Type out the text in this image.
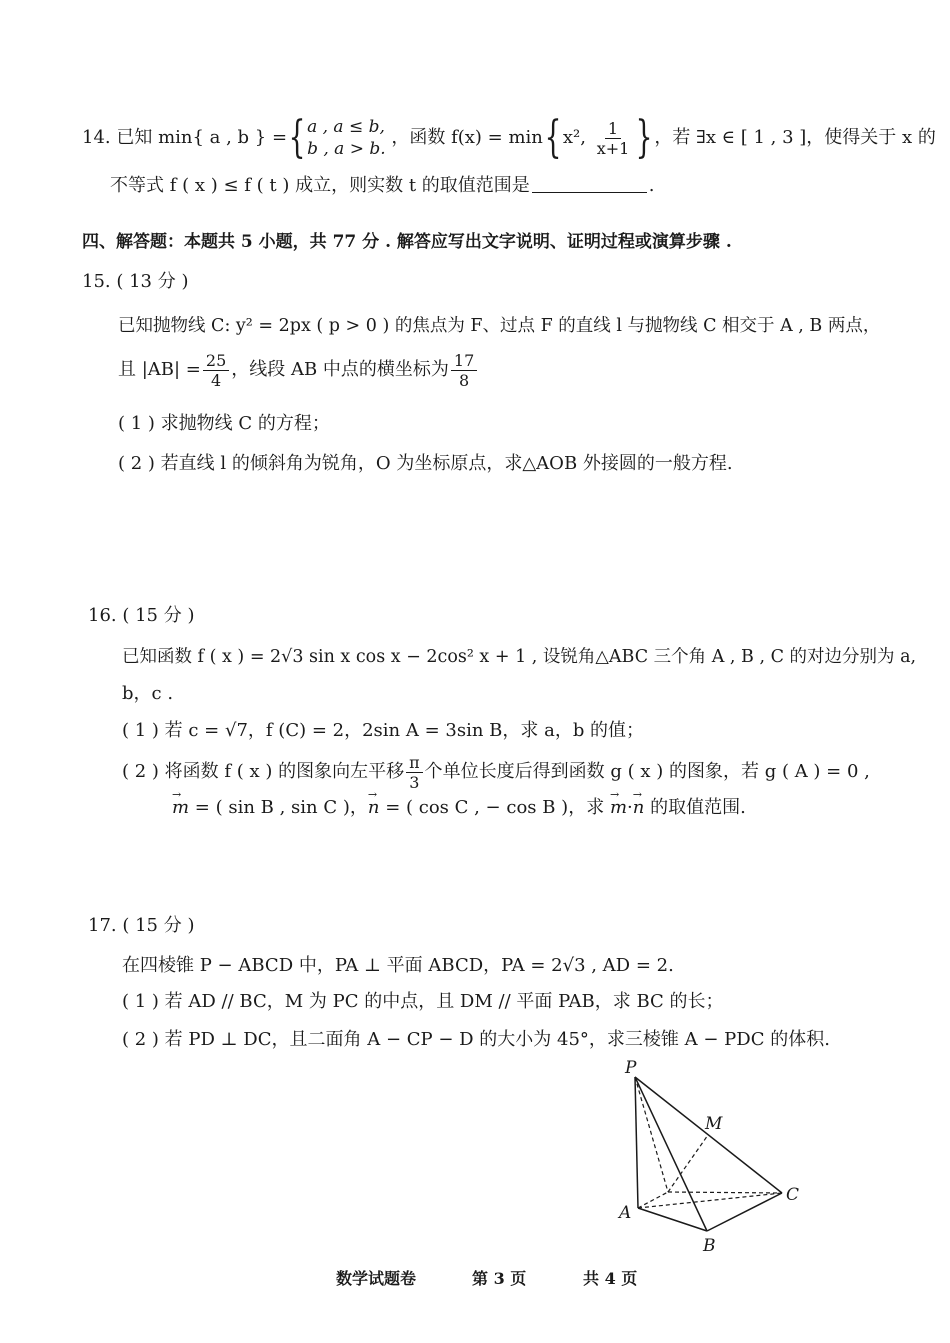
14. 已知 min{ a , b } ={ a , a ≤ b,
b , a > b.
，函数 f(x) = min{x², $\frac{1}{x+1}$ }，若 ∃x ∈ [ 1 , 3 ]，使得关于 x 的
不等式 f ( x ) ≤ f ( t ) 成立，则实数 t 的取值范围是	.
四、解答题：本题共 5 小题，共 77 分 . 解答应写出文字说明、证明过程或演算步骤 .
15. ( 13 分 )
已知抛物线 C: y² = 2px ( p > 0 ) 的焦点为 F、过点 F 的直线 l 与抛物线 C 相交于 A , B 两点，
且 $|AB| = \frac{25}{4}$ ，线段 AB 中点的横坐标为 $\frac{17}{8}$
( 1 ) 求抛物线 C 的方程；
( 2 ) 若直线 l 的倾斜角为锐角，O 为坐标原点，求△AOB 外接圆的一般方程.
16. ( 15 分 )
已知函数 f ( x ) = 2√3 sin x cos x − 2cos² x + 1 , 设锐角△ABC 三个角 A , B , C 的对边分别为 a,
b，c .
( 1 ) 若 c = √7，f (C) = 2，2sin A = 3sin B，求 a，b 的值；
( 2 ) 将函数 f ( x ) 的图象向左平移 $\frac{\pi}{3}$ 个单位长度后得到函数 g ( x ) 的图象，若 g ( A ) = 0 ,
→ m = ( sin B , sin C )，→ n = ( cos C , − cos B )，求 → m·→ n 的取值范围.
17. ( 15 分 )
在四棱锥 P − ABCD 中，PA ⊥ 平面 ABCD，PA = 2√3 , AD = 2.
( 1 ) 若 AD // BC，M 为 PC 的中点，且 DM // 平面 PAB，求 BC 的长；
( 2 ) 若 PD ⊥ DC，且二面角 A − CP − D 的大小为 45°，求三棱锥 A − PDC 的体积.
P
M
C
A
B
数学试题卷	第 3 页	共 4 页
